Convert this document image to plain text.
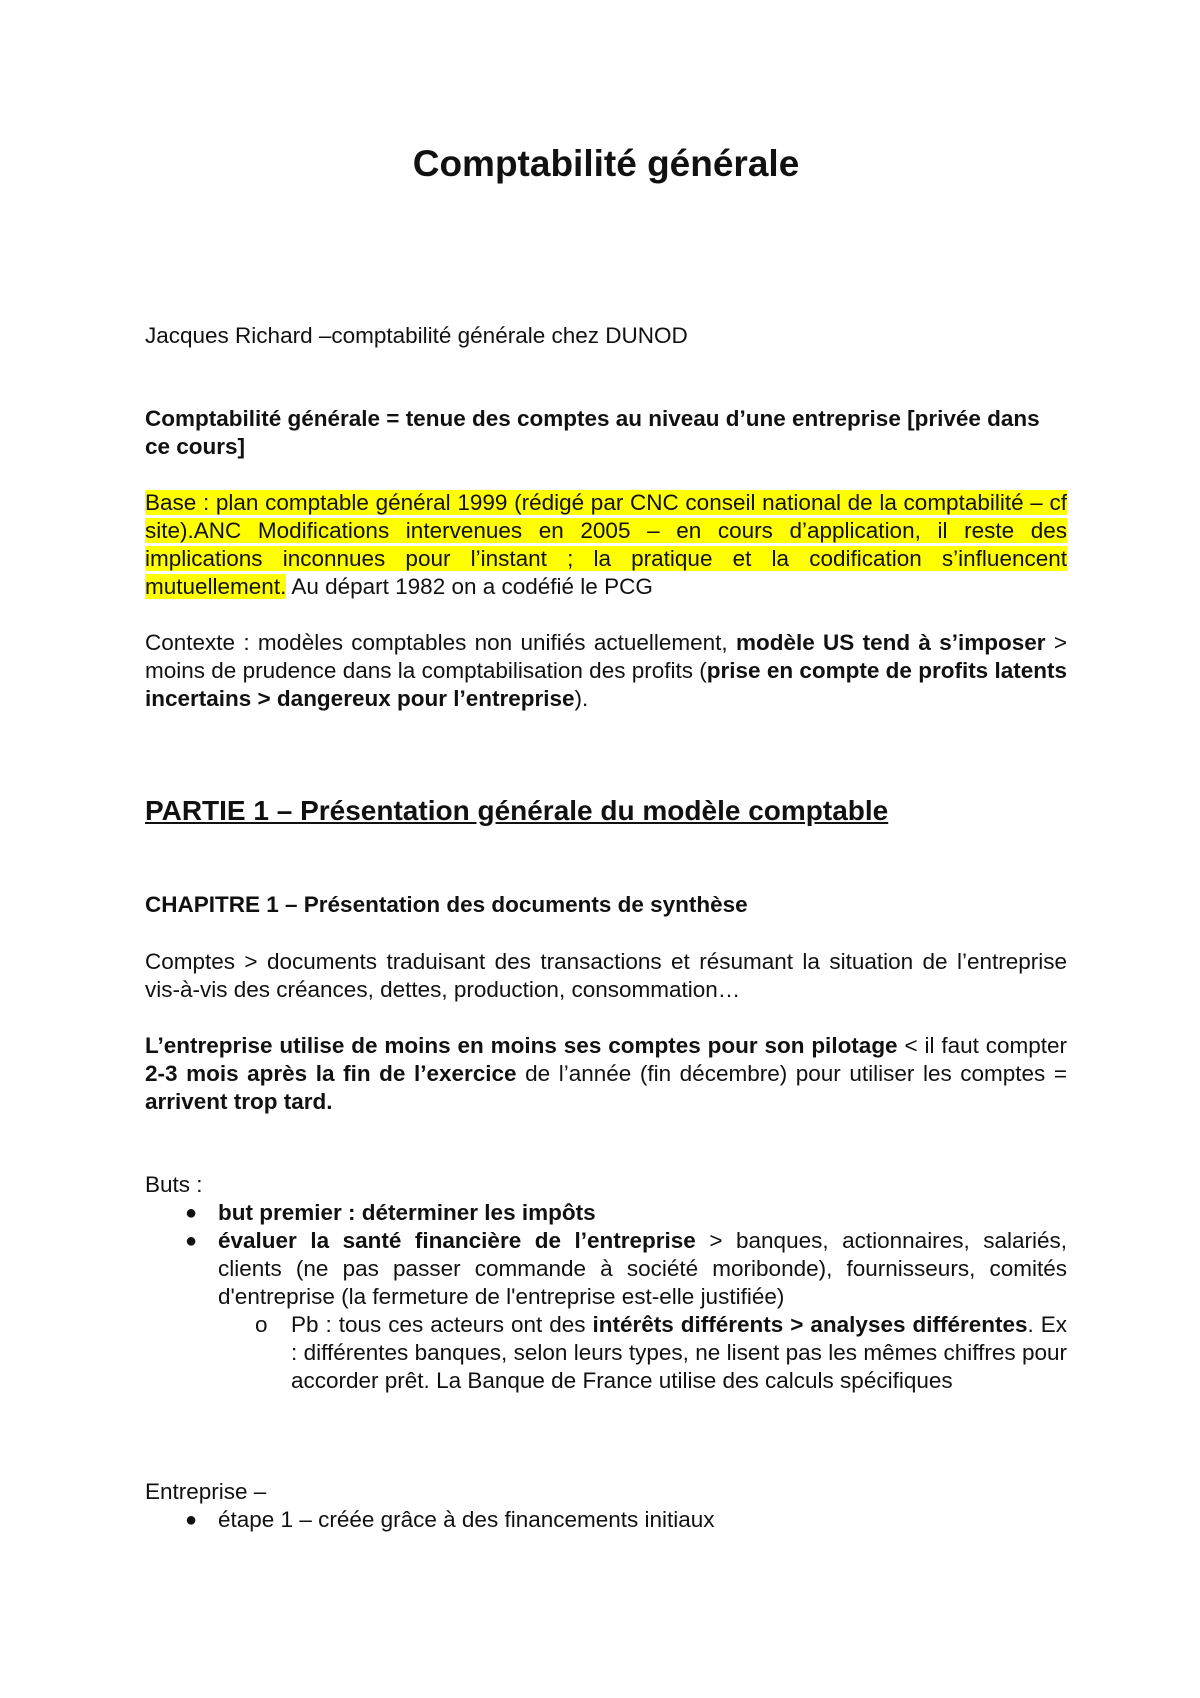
Comptabilité générale

Jacques Richard –comptabilité générale chez DUNOD

Comptabilité générale = tenue des comptes au niveau d’une entreprise [privée dans ce cours]

Base : plan comptable général 1999 (rédigé par CNC conseil national de la comptabilité – cf site).ANC Modifications intervenues en 2005 – en cours d’application, il reste des implications inconnues pour l’instant ; la pratique et la codification s’influencent mutuellement. Au départ 1982 on a codéfié le PCG

Contexte : modèles comptables non unifiés actuellement, modèle US tend à s’imposer > moins de prudence dans la comptabilisation des profits (prise en compte de profits latents incertains > dangereux pour l’entreprise).

PARTIE 1 – Présentation générale du modèle comptable
CHAPITRE 1 – Présentation des documents de synthèse

Comptes > documents traduisant des transactions et résumant la situation de l’entreprise vis-à-vis des créances, dettes, production, consommation…

L’entreprise utilise de moins en moins ses comptes pour son pilotage < il faut compter 2-3 mois après la fin de l’exercice de l’année (fin décembre) pour utiliser les comptes = arrivent trop tard.

Buts :
● but premier : déterminer les impôts
● évaluer la santé financière de l’entreprise > banques, actionnaires, salariés, clients (ne pas passer commande à société moribonde), fournisseurs, comités d'entreprise (la fermeture de l'entreprise est-elle justifiée)
o	Pb : tous ces acteurs ont des intérêts différents > analyses différentes. Ex : différentes banques, selon leurs types, ne lisent pas les mêmes chiffres pour accorder prêt. La Banque de France utilise des calculs spécifiques
Entreprise –
● étape 1 – créée grâce à des financements initiaux
